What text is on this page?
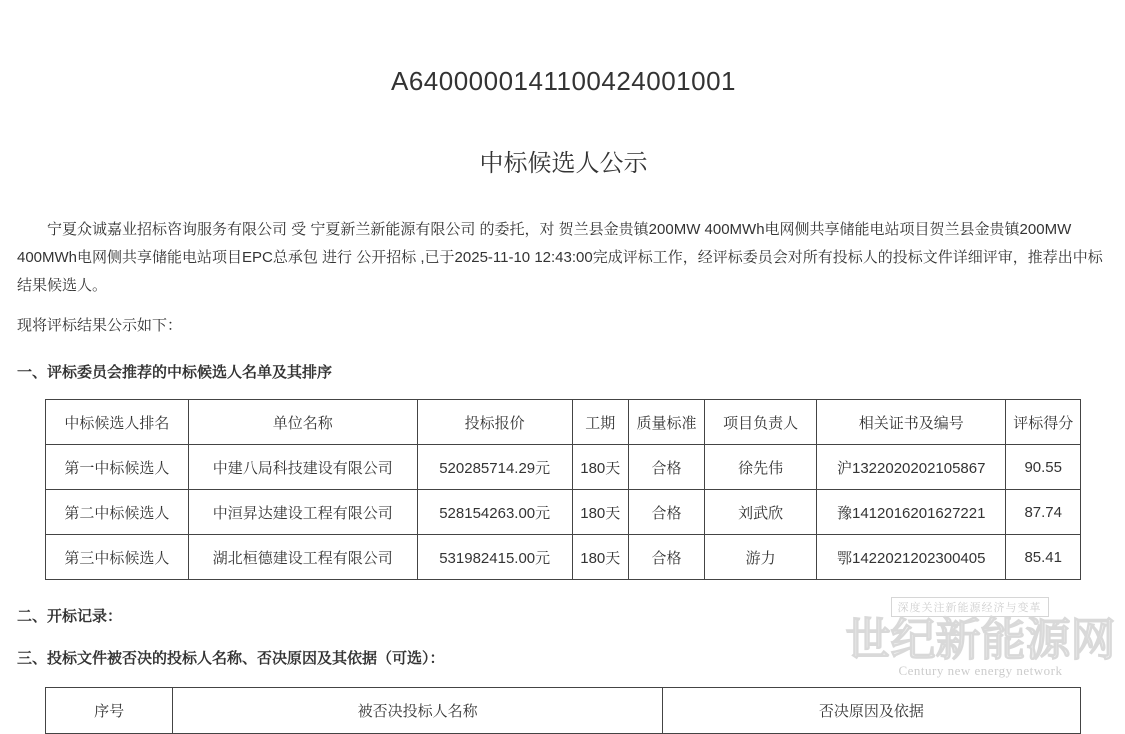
A6400000141100424001001
中标候选人公示

宁夏众诚嘉业招标咨询服务有限公司 受 宁夏新兰新能源有限公司 的委托，对 贺兰县金贵镇200MW 400MWh电网侧共享储能电站项目贺兰县金贵镇200MW 400MWh电网侧共享储能电站项目EPC总承包 进行 公开招标 ,已于2025-11-10 12:43:00完成评标工作，经评标委员会对所有投标人的投标文件详细评审，推荐出中标结果候选人。

现将评标结果公示如下：

一、评标委员会推荐的中标候选人名单及其排序
中标候选人排名	单位名称	投标报价	工期	质量标准	项目负责人	相关证书及编号	评标得分
第一中标候选人	中建八局科技建设有限公司	520285714.29元	180天	合格	徐先伟	沪1322020202105867	90.55
第二中标候选人	中洹昇达建设工程有限公司	528154263.00元	180天	合格	刘武欣	豫1412016201627221	87.74
第三中标候选人	湖北桓德建设工程有限公司	531982415.00元	180天	合格	游力	鄂1422021202300405	85.41
二、开标记录：
三、投标文件被否决的投标人名称、否决原因及其依据（可选）：
序号	被否决投标人名称	否决原因及依据
深度关注新能源经济与变革
世纪新能源网
Century new energy network
